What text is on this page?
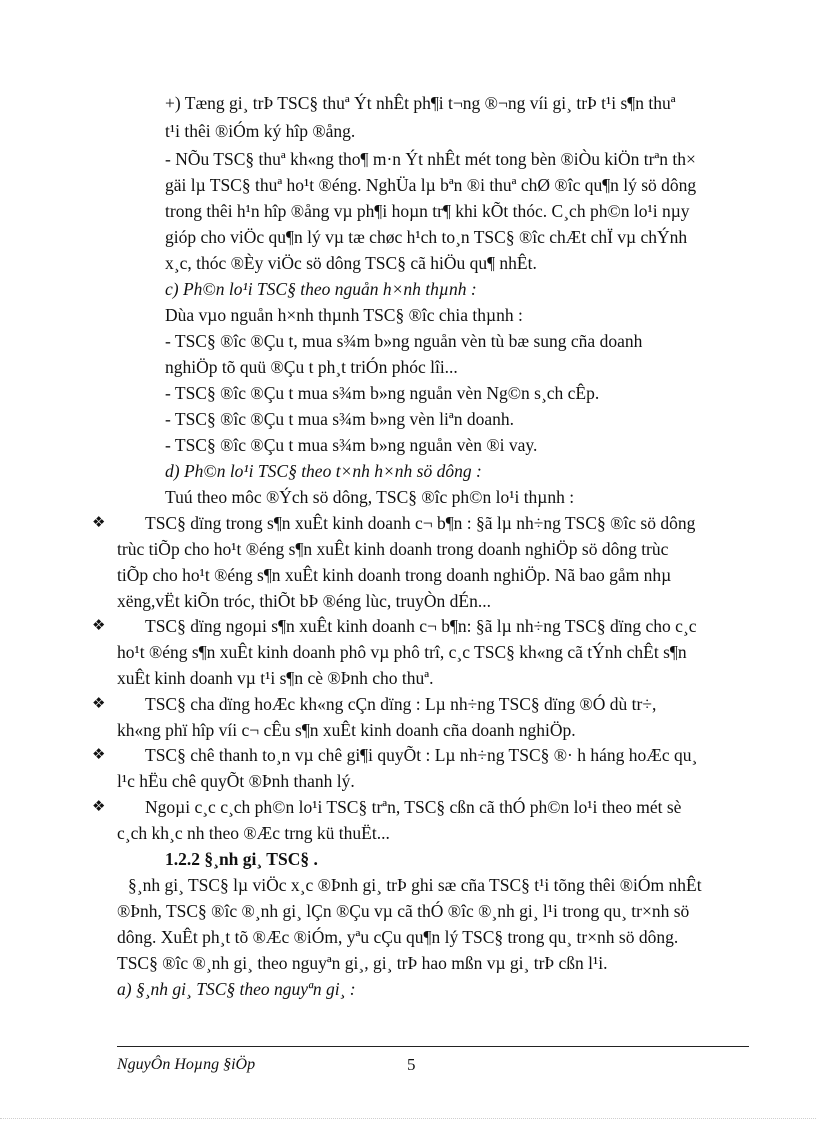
+) Tæng gi¸ trÞ TSC§ thuª Ýt nhÊt ph¶i t¬ng ®¬ng víi gi¸ trÞ t¹i s¶n thuª
t¹i thêi ®iÓm ký hîp ®ång.
- NÕu TSC§ thuª kh«ng tho¶ m·n Ýt nhÊt mét tong bèn ®iÒu kiÖn trªn th×
gäi lµ TSC§ thuª ho¹t ®éng. NghÜa lµ bªn ®i thuª chØ ®îc qu¶n lý sö dông
trong thêi h¹n hîp ®ång vµ ph¶i hoµn tr¶ khi kÕt thóc. C¸ch ph©n lo¹i nµy
gióp cho viÖc qu¶n lý vµ tæ chøc h¹ch to¸n TSC§ ®îc chÆt chÏ vµ chÝnh
x¸c, thóc ®Èy viÖc sö dông TSC§ cã hiÖu qu¶ nhÊt.
c) Ph©n lo¹i TSC§ theo nguån h×nh thµnh :
Dùa vµo nguån h×nh thµnh TSC§ ®îc chia thµnh :
- TSC§ ®îc ®Çu t, mua s¾m b»ng nguån vèn tù bæ sung cña doanh
nghiÖp tõ quü ®Çu t ph¸t triÓn phóc lîi...
- TSC§ ®îc ®Çu t mua s¾m b»ng nguån vèn Ng©n s¸ch cÊp.
- TSC§ ®îc ®Çu t mua s¾m b»ng vèn liªn doanh.
- TSC§ ®îc ®Çu t mua s¾m b»ng nguån vèn ®i vay.
d) Ph©n lo¹i TSC§ theo t×nh h×nh sö dông :
Tuú theo môc ®Ých sö dông, TSC§ ®îc ph©n lo¹i thµnh :
❖ TSC§ dïng trong s¶n xuÊt kinh doanh c¬ b¶n : §ã lµ nh÷ng TSC§ ®îc sö dông
trùc tiÕp cho ho¹t ®éng s¶n xuÊt kinh doanh trong doanh nghiÖp sö dông trùc
tiÕp cho ho¹t ®éng s¶n xuÊt kinh doanh trong doanh nghiÖp. Nã bao gåm nhµ
xëng,vËt kiÕn tróc, thiÕt bÞ ®éng lùc, truyÒn dÉn...
❖ TSC§ dïng ngoµi s¶n xuÊt kinh doanh c¬ b¶n: §ã lµ nh÷ng TSC§ dïng cho c¸c
ho¹t ®éng s¶n xuÊt kinh doanh phô vµ phô trî, c¸c TSC§ kh«ng cã tÝnh chÊt s¶n
xuÊt kinh doanh vµ t¹i s¶n cè ®Þnh cho thuª.
❖ TSC§ cha dïng hoÆc kh«ng cÇn dïng : Lµ nh÷ng TSC§ dïng ®Ó dù tr÷,
kh«ng phï hîp víi c¬ cÊu s¶n xuÊt kinh doanh cña doanh nghiÖp.
❖ TSC§ chê thanh to¸n vµ chê gi¶i quyÕt : Lµ nh÷ng TSC§ ®· h háng hoÆc qu¸
l¹c hËu chê quyÕt ®Þnh thanh lý.
❖ Ngoµi c¸c c¸ch ph©n lo¹i TSC§ trªn, TSC§ cßn cã thÓ ph©n lo¹i theo mét sè
c¸ch kh¸c nh theo ®Æc trng kü thuËt...
1.2.2 §¸nh gi¸ TSC§ .
§¸nh gi¸ TSC§ lµ viÖc x¸c ®Þnh gi¸ trÞ ghi sæ cña TSC§ t¹i tõng thêi ®iÓm nhÊt
®Þnh, TSC§ ®îc ®¸nh gi¸ lÇn ®Çu vµ cã thÓ ®îc ®¸nh gi¸ l¹i trong qu¸ tr×nh sö
dông. XuÊt ph¸t tõ ®Æc ®iÓm, yªu cÇu qu¶n lý TSC§ trong qu¸ tr×nh sö dông.
TSC§ ®îc ®¸nh gi¸ theo nguyªn gi¸, gi¸ trÞ hao mßn vµ gi¸ trÞ cßn l¹i.
a) §¸nh gi¸ TSC§ theo nguyªn gi¸ :
NguyÔn Hoµng §iÖp	5
